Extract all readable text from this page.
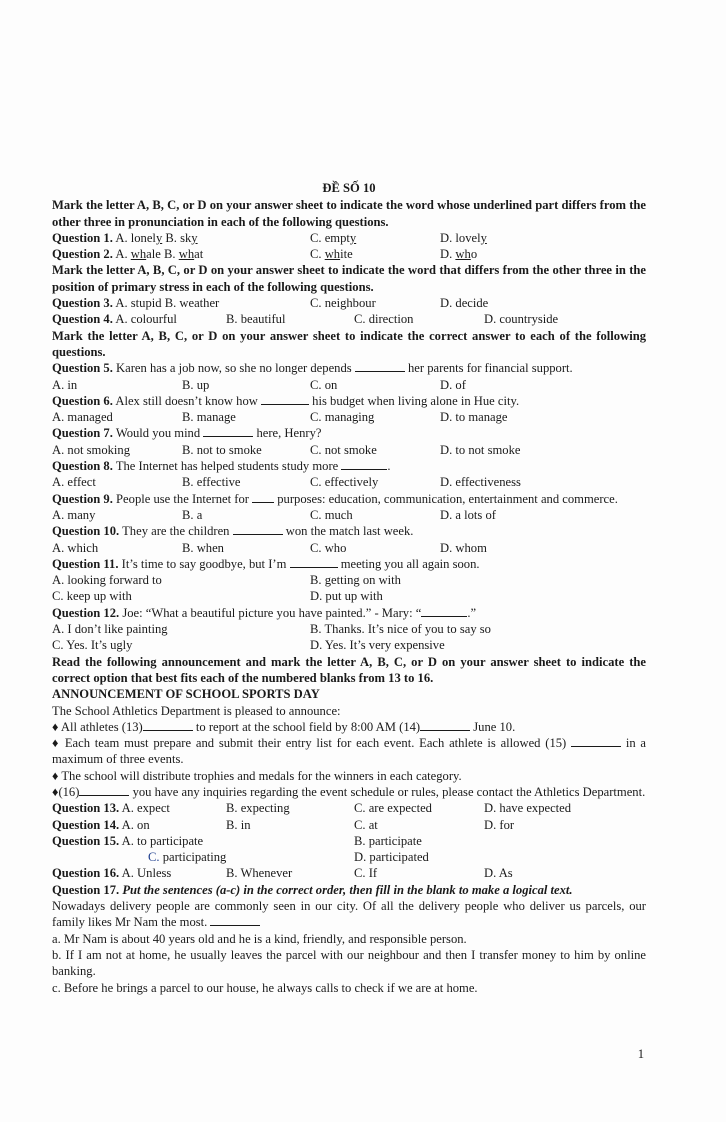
ĐỀ SỐ 10
Mark the letter A, B, C, or D on your answer sheet to indicate the word whose underlined part differs from the other three in pronunciation in each of the following questions.
Question 1. A. lonely B. sky	C. empty	D. lovely
Question 2. A. whale B. what	C. white	D. who
Mark the letter A, B, C, or D on your answer sheet to indicate the word that differs from the other three in the position of primary stress in each of the following questions.
Question 3. A. stupid B. weather	C. neighbour	D. decide
Question 4. A. colourful	B. beautiful	C. direction	D. countryside
Mark the letter A, B, C, or D on your answer sheet to indicate the correct answer to each of the following questions.
Question 5. Karen has a job now, so she no longer depends	her parents for financial support.
A. in	B. up	C. on	D. of
Question 6. Alex still doesn’t know how	his budget when living alone in Hue city.
A. managed	B. manage	C. managing	D. to manage
Question 7. Would you mind	here, Henry?
A. not smoking	B. not to smoke	C. not smoke	D. to not smoke
Question 8. The Internet has helped students study more	.
A. effect	B. effective	C. effectively	D. effectiveness
Question 9. People use the Internet for purposes: education, communication, entertainment and commerce.
A. many	B. a	C. much	D. a lots of
Question 10. They are the children	won the match last week.
A. which	B. when	C. who	D. whom
Question 11. It’s time to say goodbye, but I’m	meeting you all again soon.
A. looking forward to	B. getting on with
C. keep up with	D. put up with
Question 12. Joe: “What a beautiful picture you have painted.” - Mary: “	.”
A. I don’t like painting	B. Thanks. It’s nice of you to say so
C. Yes. It’s ugly	D. Yes. It’s very expensive
Read the following announcement and mark the letter A, B, C, or D on your answer sheet to indicate the correct option that best fits each of the numbered blanks from 13 to 16.
ANNOUNCEMENT OF SCHOOL SPORTS DAY
The School Athletics Department is pleased to announce:
♦ All athletes (13)	to report at the school field by 8:00 AM (14)	June 10.
♦ Each team must prepare and submit their entry list for each event. Each athlete is allowed (15)	in a maximum of three events.
♦ The school will distribute trophies and medals for the winners in each category.
♦(16)	you have any inquiries regarding the event schedule or rules, please contact the Athletics Department.
Question 13. A. expect	B. expecting	C. are expected	D. have expected
Question 14. A. on	B. in	C. at	D. for
Question 15. A. to participate	B. participate
C. participating	D. participated
Question 16. A. Unless	B. Whenever	C. If	D. As
Question 17. Put the sentences (a-c) in the correct order, then fill in the blank to make a logical text.
Nowadays delivery people are commonly seen in our city. Of all the delivery people who deliver us parcels, our family likes Mr Nam the most.
a. Mr Nam is about 40 years old and he is a kind, friendly, and responsible person.
b. If I am not at home, he usually leaves the parcel with our neighbour and then I transfer money to him by online banking.
c. Before he brings a parcel to our house, he always calls to check if we are at home.
1
